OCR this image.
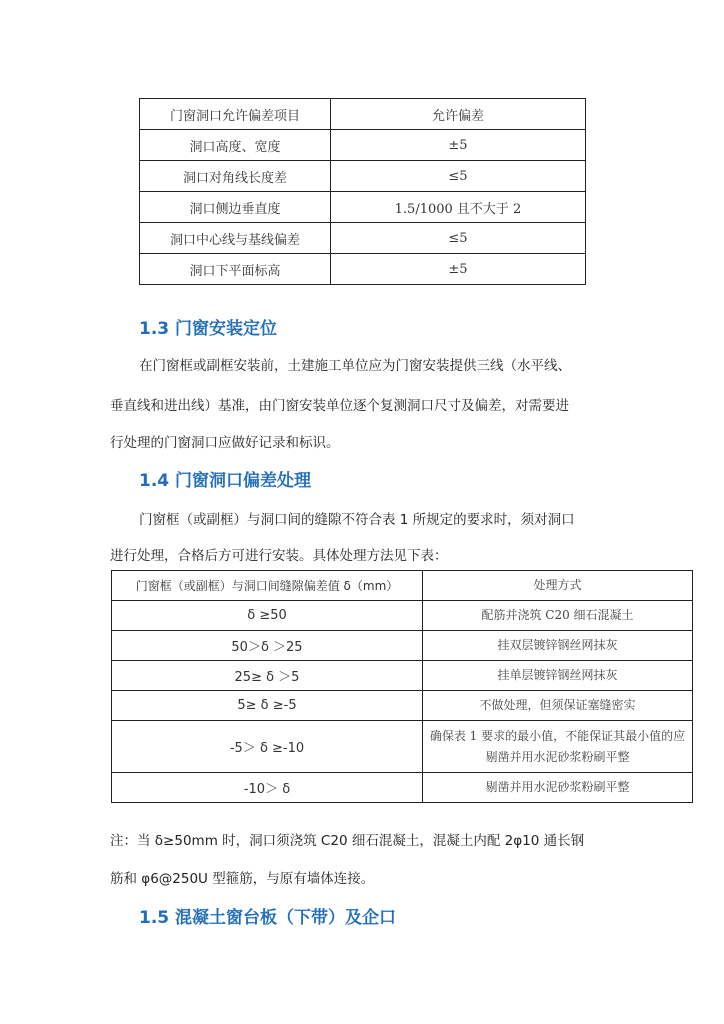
门窗洞口允许偏差项目	允许偏差
洞口高度、宽度	±5
洞口对角线长度差	≤5
洞口侧边垂直度	1.5/1000 且不大于 2
洞口中心线与基线偏差	≤5
洞口下平面标高	±5
1.3 门窗安装定位

在门窗框或副框安装前，土建施工单位应为门窗安装提供三线（水平线、

垂直线和进出线）基准，由门窗安装单位逐个复测洞口尺寸及偏差，对需要进

行处理的门窗洞口应做好记录和标识。

1.4 门窗洞口偏差处理

门窗框（或副框）与洞口间的缝隙不符合表 1 所规定的要求时，须对洞口

进行处理，合格后方可进行安装。具体处理方法见下表：

门窗框（或副框）与洞口间缝隙偏差值 δ（mm）	处理方式
δ ≥50	配筋并浇筑 C20 细石混凝土
50＞δ ＞25	挂双层镀锌钢丝网抹灰
25≥ δ ＞5	挂单层镀锌钢丝网抹灰
5≥ δ ≥-5	不做处理，但须保证塞缝密实
-5＞ δ ≥-10	确保表 1 要求的最小值，不能保证其最小值的应剔凿并用水泥砂浆粉刷平整
-10＞ δ	剔凿并用水泥砂浆粉刷平整

注：当 δ≥50mm 时，洞口须浇筑 C20 细石混凝土，混凝土内配 2φ10 通长钢

筋和 φ6@250U 型箍筋，与原有墙体连接。

1.5 混凝土窗台板（下带）及企口
